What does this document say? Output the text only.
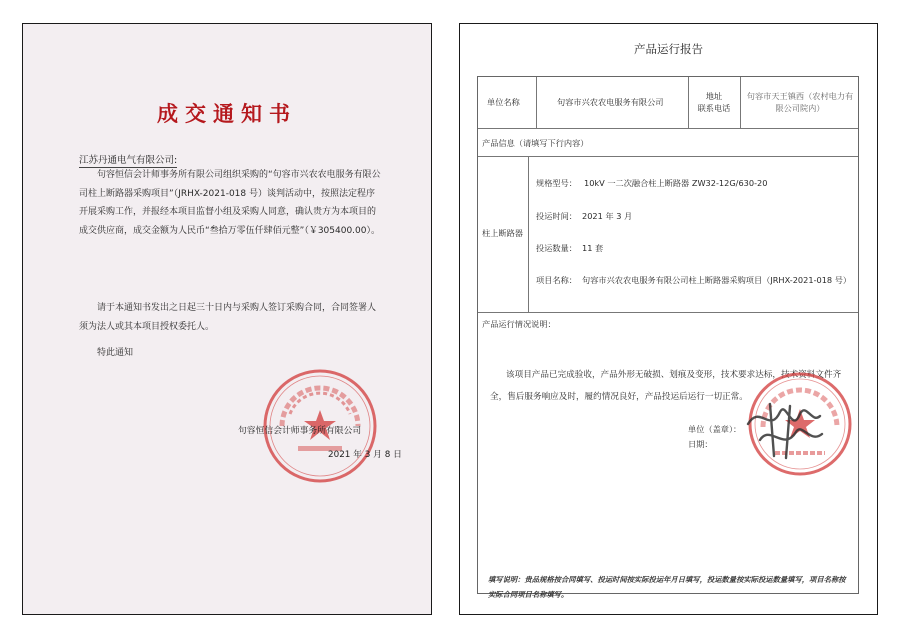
成交通知书
江苏丹通电气有限公司:
句容恒信会计师事务所有限公司组织采购的“句容市兴农农电服务有限公司柱上断路器采购项目”（JRHX-2021-018 号）谈判活动中，按照法定程序开展采购工作，并报经本项目监督小组及采购人同意，确认贵方为本项目的成交供应商，成交金额为人民币“叁拾万零伍仟肆佰元整”（￥305400.00）。
请于本通知书发出之日起三十日内与采购人签订采购合同，合同签署人须为法人或其本项目授权委托人。
特此通知
句容恒信会计师事务所有限公司
2021 年 3 月 8 日
产品运行报告
单位名称	句容市兴农农电服务有限公司
地址
联系电话
句容市天王镇西（农村电力有限公司院内）
产品信息（请填写下行内容）
柱上断路器
规格型号： 10kV 一二次融合柱上断路器 ZW32-12G/630-20
投运时间： 2021 年 3 月
投运数量： 11 套
项目名称： 句容市兴农农电服务有限公司柱上断路器采购项目（JRHX-2021-018 号）
产品运行情况说明：
该项目产品已完成验收，产品外形无破损、划痕及变形，技术要求达标，技术资料文件齐全，售后服务响应及时，履约情况良好，产品投运后运行一切正常。
单位（盖章）：
日期：
填写说明：贵品规格按合同填写、投运时间按实际投运年月日填写，投运数量按实际投运数量填写，项目名称按实际合同项目名称填写。
